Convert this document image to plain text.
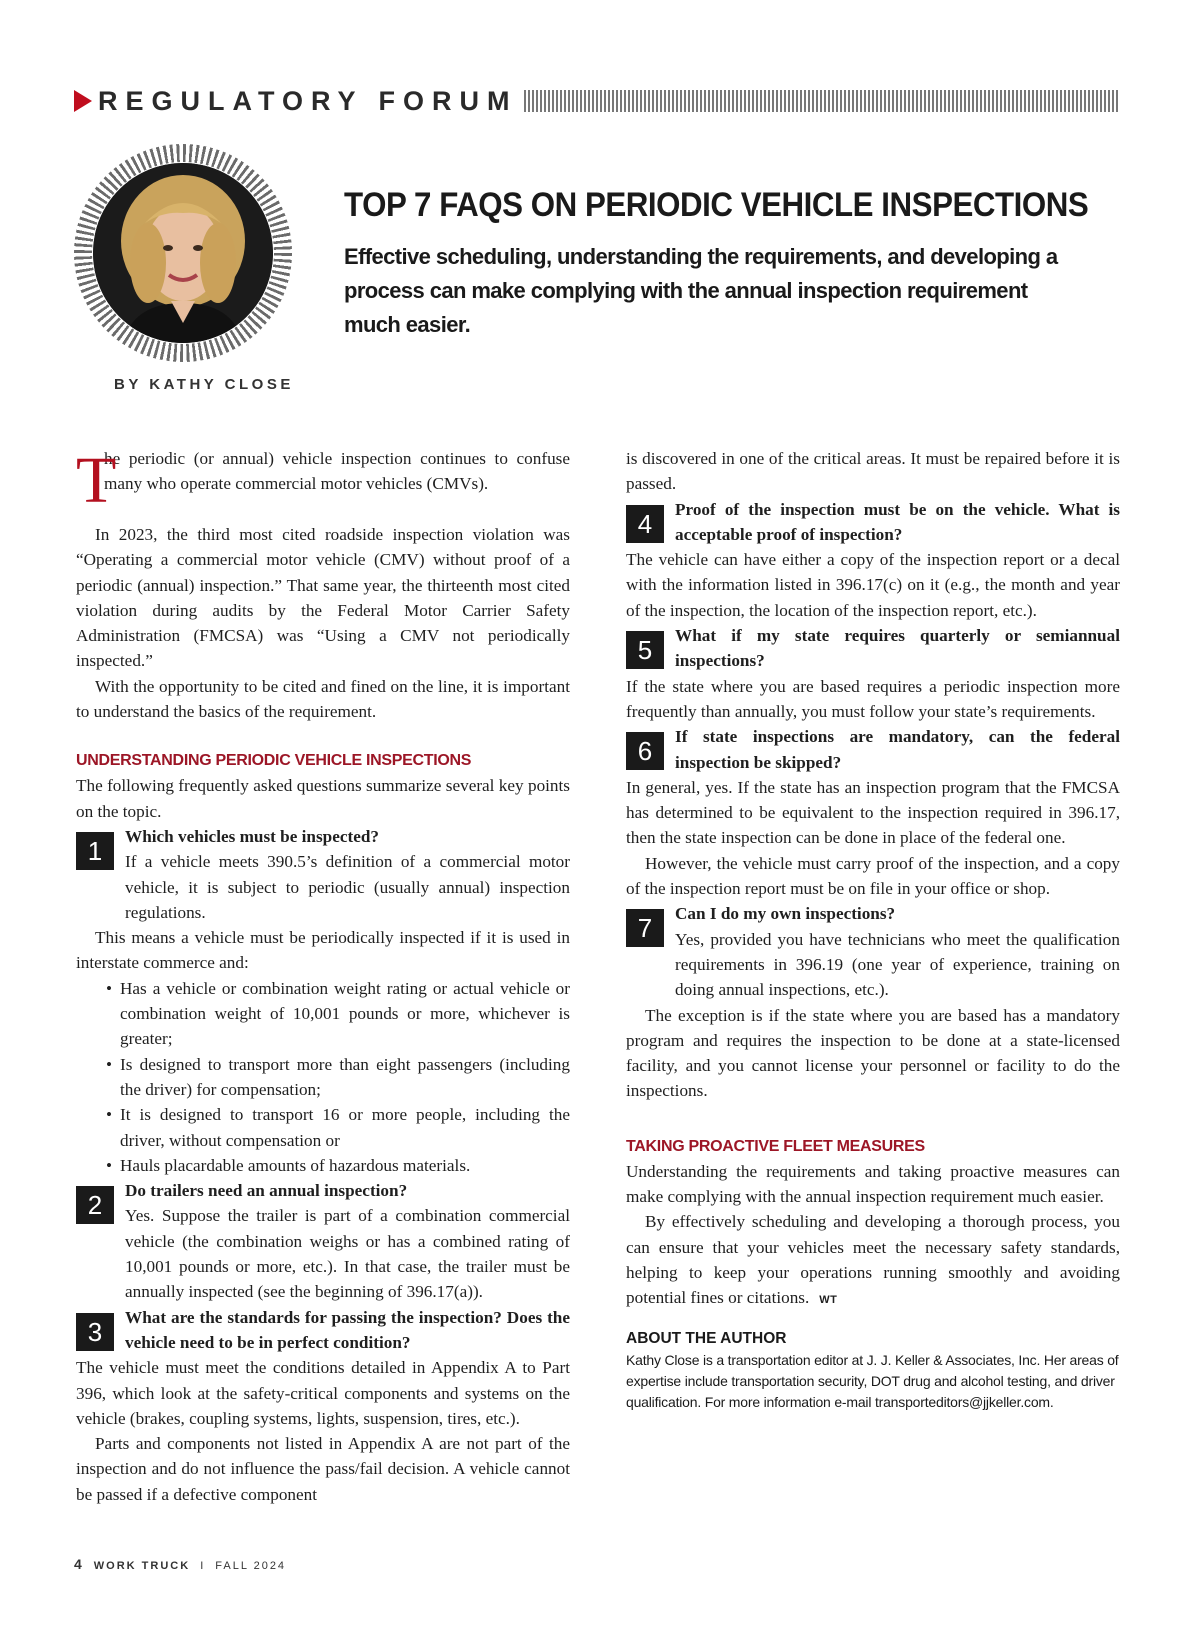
REGULATORY FORUM
BY KATHY CLOSE
TOP 7 FAQS ON PERIODIC VEHICLE INSPECTIONS
Effective scheduling, understanding the requirements, and developing a process can make complying with the annual inspection requirement much easier.
T

he periodic (or annual) vehicle inspection continues to confuse many who operate commercial motor vehicles (CMVs).

In 2023, the third most cited roadside inspection violation was “Operating a commercial motor vehicle (CMV) without proof of a periodic (annual) inspection.” That same year, the thirteenth most cited violation during audits by the Federal Motor Carrier Safety Administration (FMCSA) was “Using a CMV not periodically inspected.”

With the opportunity to be cited and fined on the line, it is important to understand the basics of the requirement.

UNDERSTANDING PERIODIC VEHICLE INSPECTIONS

The following frequently asked questions summarize several key points on the topic.

1	Which vehicles must be inspected?
If a vehicle meets 390.5’s definition of a commercial motor vehicle, it is subject to periodic (usually annual) inspection regulations.

This means a vehicle must be periodically inspected if it is used in interstate commerce and:

• Has a vehicle or combination weight rating or actual vehicle or combination weight of 10,001 pounds or more, whichever is greater;
• Is designed to transport more than eight passengers (including the driver) for compensation;
• It is designed to transport 16 or more people, including the driver, without compensation or
• Hauls placardable amounts of hazardous materials.
2	Do trailers need an annual inspection?
Yes. Suppose the trailer is part of a combination commercial vehicle (the combination weighs or has a combined rating of 10,001 pounds or more, etc.). In that case, the trailer must be annually inspected (see the beginning of 396.17(a)).
3	What are the standards for passing the inspection? Does the vehicle need to be in perfect condition?

The vehicle must meet the conditions detailed in Appendix A to Part 396, which look at the safety-critical components and systems on the vehicle (brakes, coupling systems, lights, suspension, tires, etc.).

Parts and components not listed in Appendix A are not part of the inspection and do not influence the pass/fail decision. A vehicle cannot be passed if a defective component

is discovered in one of the critical areas. It must be repaired before it is passed.

4	Proof of the inspection must be on the vehicle. What is acceptable proof of inspection?

The vehicle can have either a copy of the inspection report or a decal with the information listed in 396.17(c) on it (e.g., the month and year of the inspection, the location of the inspection report, etc.).

5	What if my state requires quarterly or semiannual inspections?

If the state where you are based requires a periodic inspection more frequently than annually, you must follow your state’s requirements.

6	If state inspections are mandatory, can the federal inspection be skipped?

In general, yes. If the state has an inspection program that the FMCSA has determined to be equivalent to the inspection required in 396.17, then the state inspection can be done in place of the federal one.

However, the vehicle must carry proof of the inspection, and a copy of the inspection report must be on file in your office or shop.

7	Can I do my own inspections?
Yes, provided you have technicians who meet the qualification requirements in 396.19 (one year of experience, training on doing annual inspections, etc.).

The exception is if the state where you are based has a mandatory program and requires the inspection to be done at a state-licensed facility, and you cannot license your personnel or facility to do the inspections.

TAKING PROACTIVE FLEET MEASURES

Understanding the requirements and taking proactive measures can make complying with the annual inspection requirement much easier.

By effectively scheduling and developing a thorough process, you can ensure that your vehicles meet the necessary safety standards, helping to keep your operations running smoothly and avoiding potential fines or citations. WT

ABOUT THE AUTHOR

Kathy Close is a transportation editor at J. J. Keller & Associates, Inc. Her areas of expertise include transportation security, DOT drug and alcohol testing, and driver qualification. For more information e-mail transporteditors@jjkeller.com.

4 WORK TRUCK I FALL 2024
